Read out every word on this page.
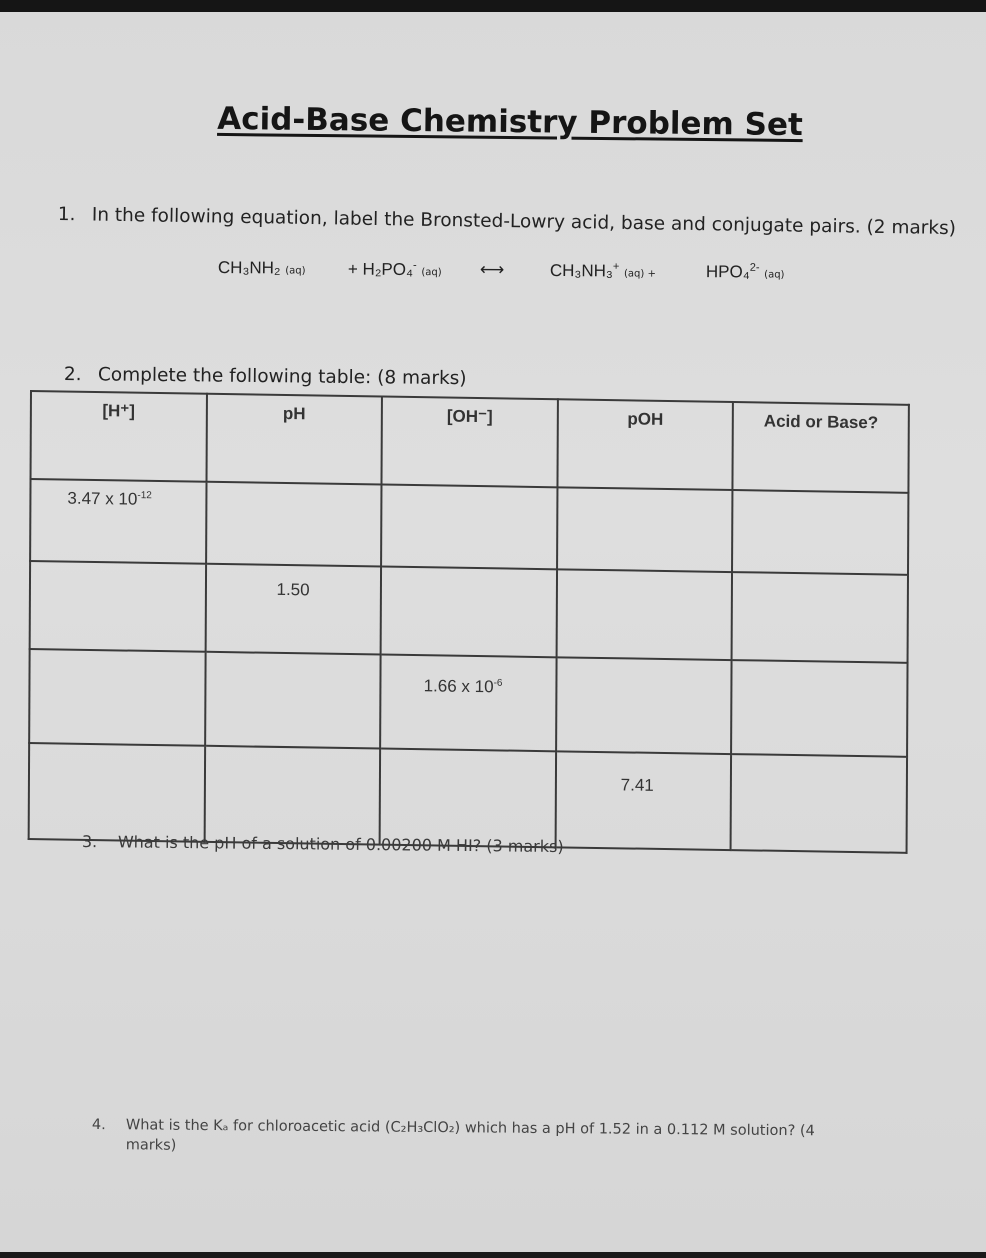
Acid-Base Chemistry Problem Set
1. In the following equation, label the Bronsted-Lowry acid, base and conjugate pairs. (2 marks)
CH₃NH₂ (aq) + H₂PO₄- (aq) ⟷	CH₃NH₃+ (aq) +	HPO₄$^{2-}$ (aq)
2. Complete the following table: (8 marks)
[H⁺]	pH	[OH⁻]	pOH	Acid or Base?
3.47 x $10^{-12}$				
	1.50			
		1.66 x $10^{-6}$		
			7.41	
3. What is the pH of a solution of 0.00200 M HI? (3 marks)
4. What is the Kₐ for chloroacetic acid (C₂H₃ClO₂) which has a pH of 1.52 in a 0.112 M solution? (4
marks)
